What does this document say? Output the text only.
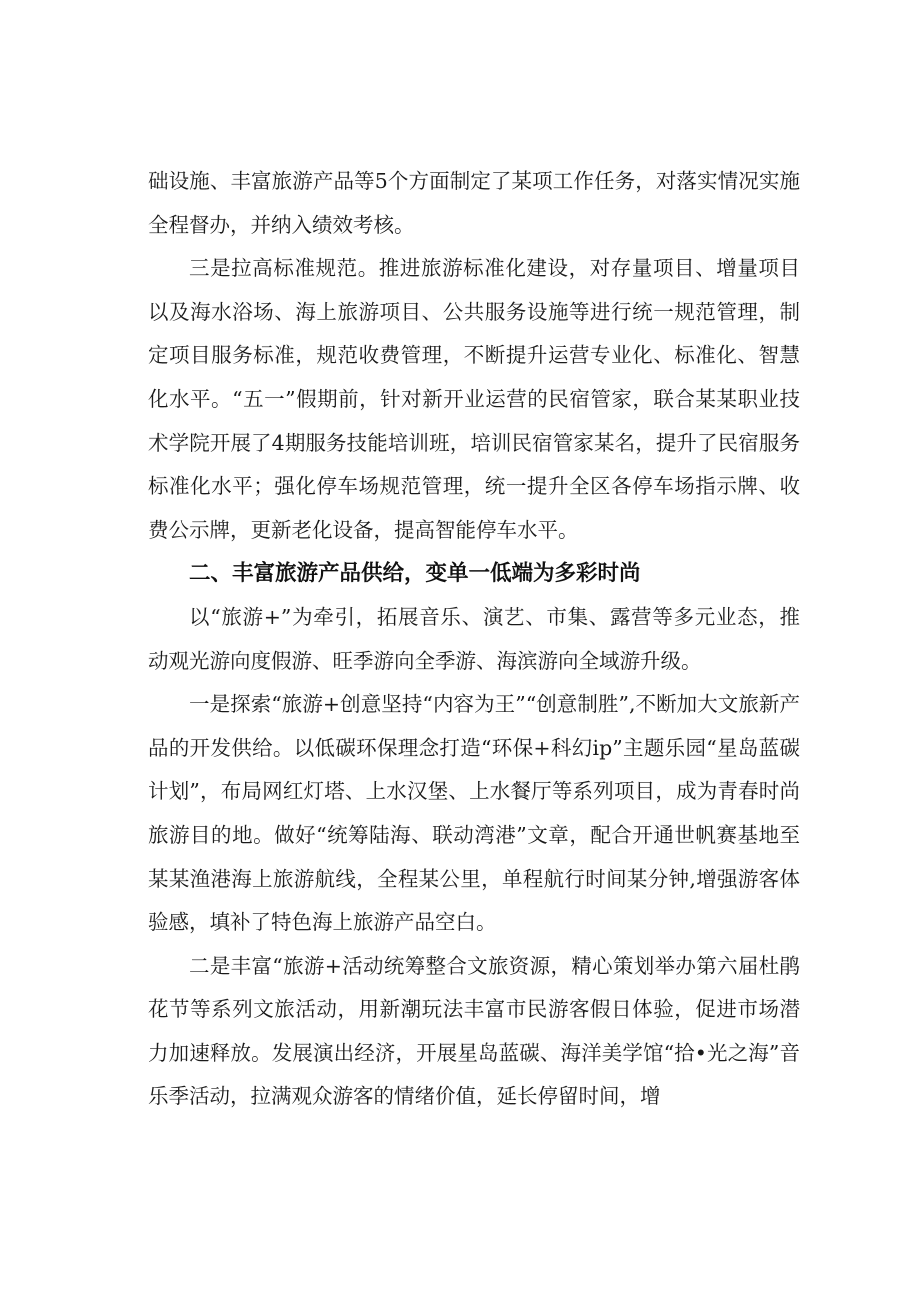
础设施、丰富旅游产品等5个方面制定了某项工作任务，对落实情况实施全程督办，并纳入绩效考核。

三是拉高标准规范。推进旅游标准化建设，对存量项目、增量项目以及海水浴场、海上旅游项目、公共服务设施等进行统一规范管理，制定项目服务标准，规范收费管理，不断提升运营专业化、标准化、智慧化水平。“五一”假期前，针对新开业运营的民宿管家，联合某某职业技术学院开展了4期服务技能培训班，培训民宿管家某名，提升了民宿服务标准化水平；强化停车场规范管理，统一提升全区各停车场指示牌、收费公示牌，更新老化设备，提高智能停车水平。

二、丰富旅游产品供给，变单一低端为多彩时尚

以“旅游+”为牵引，拓展音乐、演艺、市集、露营等多元业态，推动观光游向度假游、旺季游向全季游、海滨游向全域游升级。

一是探索“旅游+创意坚持“内容为王”“创意制胜”,不断加大文旅新产品的开发供给。以低碳环保理念打造“环保+科幻ip”主题乐园“星岛蓝碳计划”，布局网红灯塔、上水汉堡、上水餐厅等系列项目，成为青春时尚旅游目的地。做好“统筹陆海、联动湾港”文章，配合开通世帆赛基地至某某渔港海上旅游航线，全程某公里，单程航行时间某分钟,增强游客体验感，填补了特色海上旅游产品空白。

二是丰富“旅游+活动统筹整合文旅资源，精心策划举办第六届杜鹃花节等系列文旅活动，用新潮玩法丰富市民游客假日体验，促进市场潜力加速释放。发展演出经济，开展星岛蓝碳、海洋美学馆“拾•光之海”音乐季活动，拉满观众游客的情绪价值，延长停留时间，增
